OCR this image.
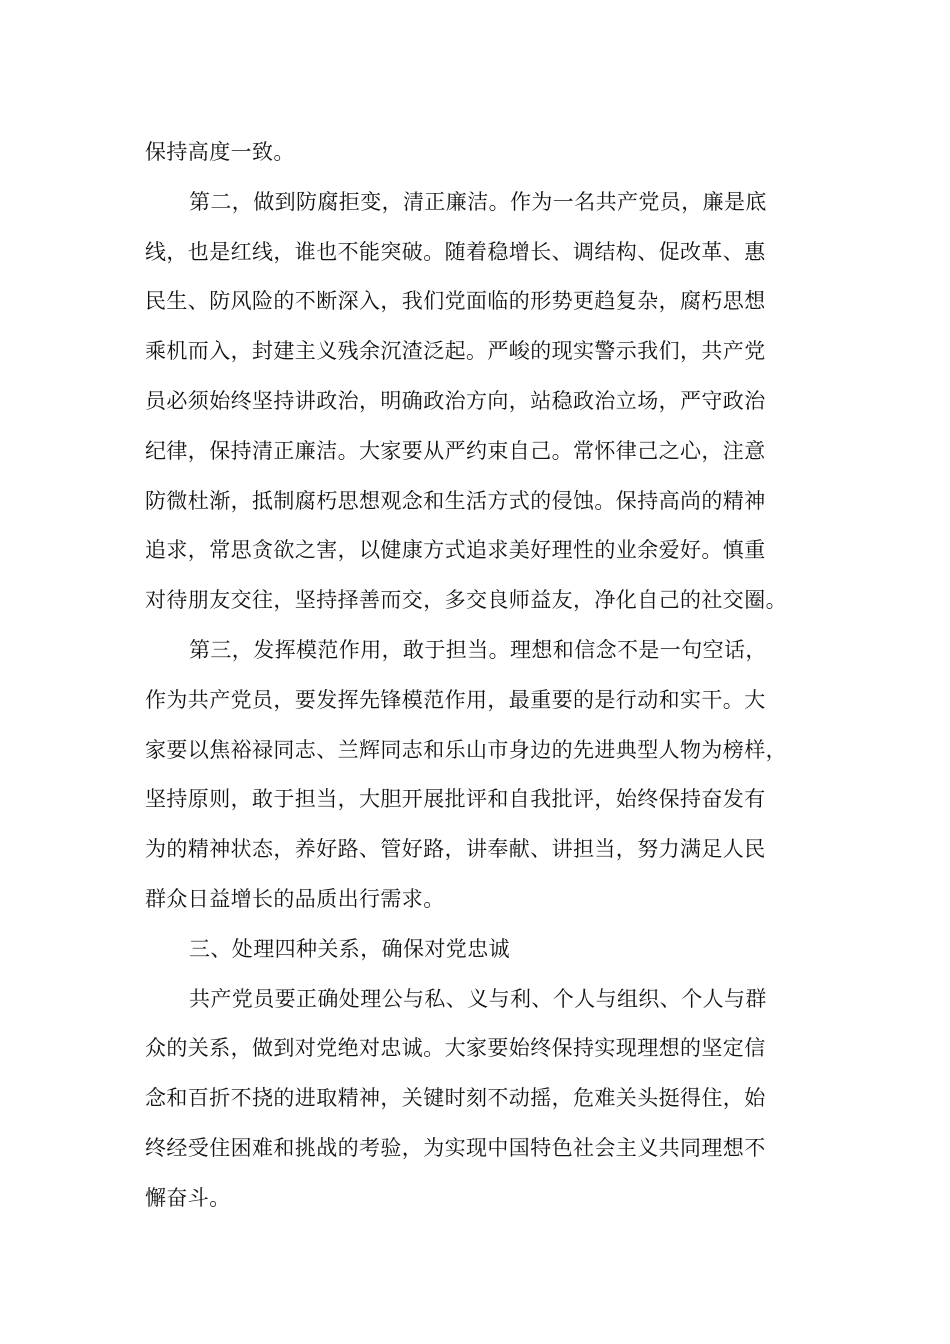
保持高度一致。
第二，做到防腐拒变，清正廉洁。作为一名共产党员，廉是底
线，也是红线，谁也不能突破。随着稳增长、调结构、促改革、惠
民生、防风险的不断深入，我们党面临的形势更趋复杂，腐朽思想
乘机而入，封建主义残余沉渣泛起。严峻的现实警示我们，共产党
员必须始终坚持讲政治，明确政治方向，站稳政治立场，严守政治
纪律，保持清正廉洁。大家要从严约束自己。常怀律己之心，注意
防微杜渐，抵制腐朽思想观念和生活方式的侵蚀。保持高尚的精神
追求，常思贪欲之害，以健康方式追求美好理性的业余爱好。慎重
对待朋友交往，坚持择善而交，多交良师益友，净化自己的社交圈。
第三，发挥模范作用，敢于担当。理想和信念不是一句空话，
作为共产党员，要发挥先锋模范作用，最重要的是行动和实干。大
家要以焦裕禄同志、兰辉同志和乐山市身边的先进典型人物为榜样，
坚持原则，敢于担当，大胆开展批评和自我批评，始终保持奋发有
为的精神状态，养好路、管好路，讲奉献、讲担当，努力满足人民
群众日益增长的品质出行需求。
三、处理四种关系，确保对党忠诚
共产党员要正确处理公与私、义与利、个人与组织、个人与群
众的关系，做到对党绝对忠诚。大家要始终保持实现理想的坚定信
念和百折不挠的进取精神，关键时刻不动摇，危难关头挺得住，始
终经受住困难和挑战的考验，为实现中国特色社会主义共同理想不
懈奋斗。
